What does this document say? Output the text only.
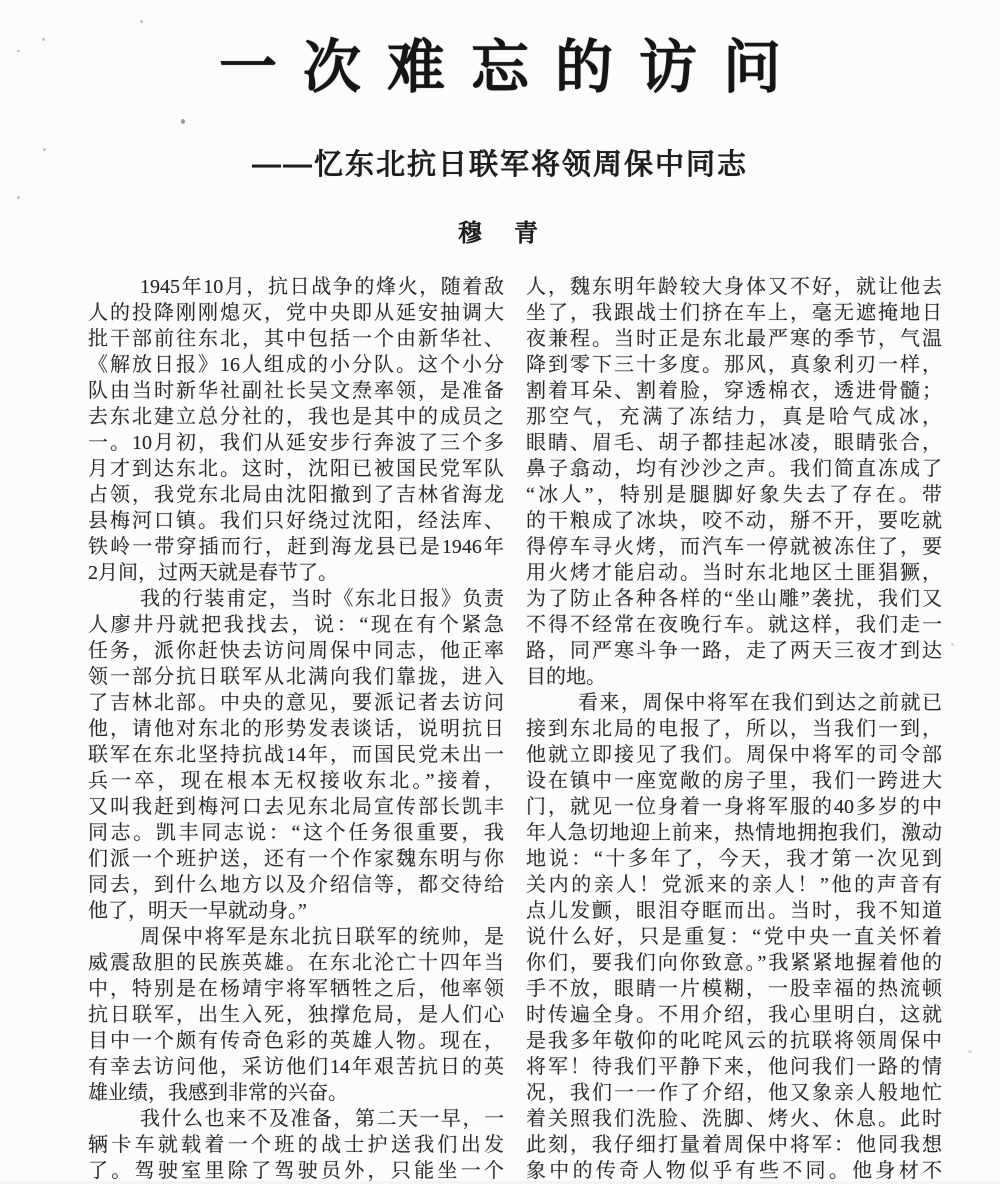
一次难忘的访问
——忆东北抗日联军将领周保中同志
穆　青
1945年10月，抗日战争的烽火，随着敌
人的投降刚刚熄灭，党中央即从延安抽调大
批干部前往东北，其中包括一个由新华社、
《解放日报》16人组成的小分队。这个小分
队由当时新华社副社长吴文焘率领，是准备
去东北建立总分社的，我也是其中的成员之
一。10月初，我们从延安步行奔波了三个多
月才到达东北。这时，沈阳已被国民党军队
占领，我党东北局由沈阳撤到了吉林省海龙
县梅河口镇。我们只好绕过沈阳，经法库、
铁岭一带穿插而行，赶到海龙县已是1946年
2月间，过两天就是春节了。
我的行装甫定，当时《东北日报》负责
人廖井丹就把我找去，说：“现在有个紧急
任务，派你赶快去访问周保中同志，他正率
领一部分抗日联军从北满向我们靠拢，进入
了吉林北部。中央的意见，要派记者去访问
他，请他对东北的形势发表谈话，说明抗日
联军在东北坚持抗战14年，而国民党未出一
兵一卒，现在根本无权接收东北。”接着，
又叫我赶到梅河口去见东北局宣传部长凯丰
同志。凯丰同志说：“这个任务很重要，我
们派一个班护送，还有一个作家魏东明与你
同去，到什么地方以及介绍信等，都交待给
他了，明天一早就动身。”
周保中将军是东北抗日联军的统帅，是
威震敌胆的民族英雄。在东北沦亡十四年当
中，特别是在杨靖宇将军牺牲之后，他率领
抗日联军，出生入死，独撑危局，是人们心
目中一个颇有传奇色彩的英雄人物。现在，
有幸去访问他，采访他们14年艰苦抗日的英
雄业绩，我感到非常的兴奋。
我什么也来不及准备，第二天一早，一
辆卡车就载着一个班的战士护送我们出发
了。驾驶室里除了驾驶员外，只能坐一个
人，魏东明年龄较大身体又不好，就让他去
坐了，我跟战士们挤在车上，毫无遮掩地日
夜兼程。当时正是东北最严寒的季节，气温
降到零下三十多度。那风，真象利刃一样，
割着耳朵、割着脸，穿透棉衣，透进骨髓；
那空气，充满了冻结力，真是哈气成冰，
眼睛、眉毛、胡子都挂起冰凌，眼睛张合，
鼻子翕动，均有沙沙之声。我们简直冻成了
“冰人”，特别是腿脚好象失去了存在。带
的干粮成了冰块，咬不动，掰不开，要吃就
得停车寻火烤，而汽车一停就被冻住了，要
用火烤才能启动。当时东北地区土匪猖獗，
为了防止各种各样的“坐山雕”袭扰，我们又
不得不经常在夜晚行车。就这样，我们走一
路，同严寒斗争一路，走了两天三夜才到达
目的地。
看来，周保中将军在我们到达之前就已
接到东北局的电报了，所以，当我们一到，
他就立即接见了我们。周保中将军的司令部
设在镇中一座宽敞的房子里，我们一跨进大
门，就见一位身着一身将军服的40多岁的中
年人急切地迎上前来，热情地拥抱我们，激动
地说：“十多年了，今天，我才第一次见到
关内的亲人！党派来的亲人！”他的声音有
点儿发颤，眼泪夺眶而出。当时，我不知道
说什么好，只是重复：“党中央一直关怀着
你们，要我们向你致意。”我紧紧地握着他的
手不放，眼睛一片模糊，一股幸福的热流顿
时传遍全身。不用介绍，我心里明白，这就
是我多年敬仰的叱咤风云的抗联将领周保中
将军！待我们平静下来，他问我们一路的情
况，我们一一作了介绍，他又象亲人般地忙
着关照我们洗脸、洗脚、烤火、休息。此时
此刻，我仔细打量着周保中将军：他同我想
象中的传奇人物似乎有些不同。他身材不
